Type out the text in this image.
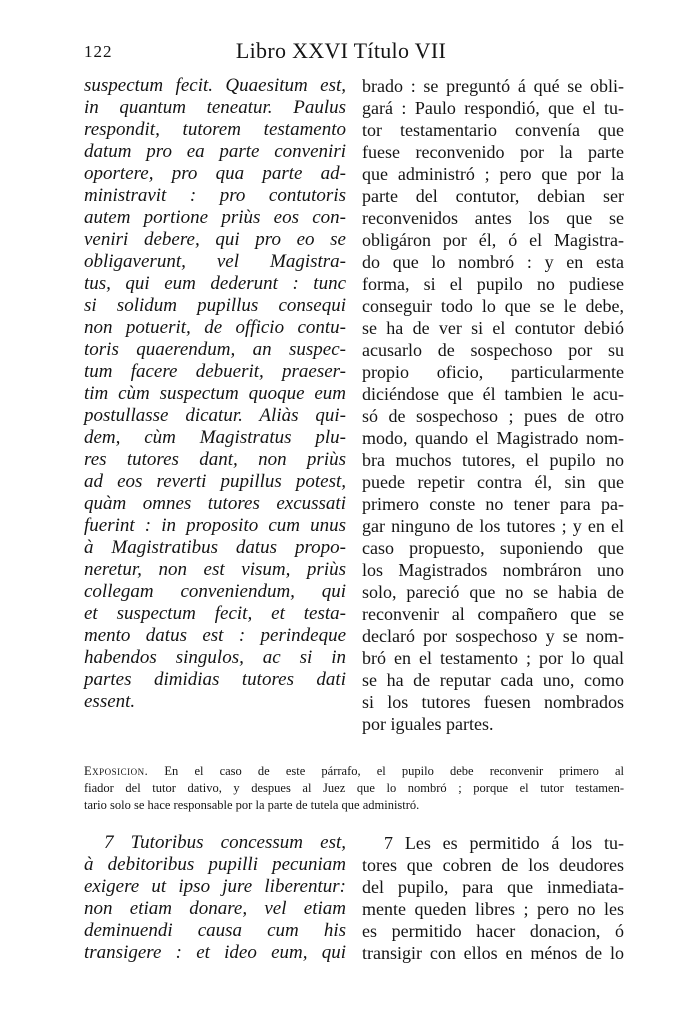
122	Libro XXVI Título VII
suspectum fecit. Quaesitum est,
in quantum teneatur. Paulus
respondit, tutorem testamento
datum pro ea parte conveniri
oportere, pro qua parte ad-
ministravit : pro contutoris
autem portione priùs eos con-
veniri debere, qui pro eo se
obligaverunt, vel Magistra-
tus, qui eum dederunt : tunc
si solidum pupillus consequi
non potuerit, de officio contu-
toris quaerendum, an suspec-
tum facere debuerit, praeser-
tim cùm suspectum quoque eum
postullasse dicatur. Aliàs qui-
dem, cùm Magistratus plu-
res tutores dant, non priùs
ad eos reverti pupillus potest,
quàm omnes tutores excussati
fuerint : in proposito cum unus
à Magistratibus datus propo-
neretur, non est visum, priùs
collegam conveniendum, qui
et suspectum fecit, et testa-
mento datus est : perindeque
habendos singulos, ac si in
partes dimidias tutores dati
essent.
brado : se preguntó á qué se obli-
gará : Paulo respondió, que el tu-
tor testamentario convenía que
fuese reconvenido por la parte
que administró ; pero que por la
parte del contutor, debian ser
reconvenidos antes los que se
obligáron por él, ó el Magistra-
do que lo nombró : y en esta
forma, si el pupilo no pudiese
conseguir todo lo que se le debe,
se ha de ver si el contutor debió
acusarlo de sospechoso por su
propio oficio, particularmente
diciéndose que él tambien le acu-
só de sospechoso ; pues de otro
modo, quando el Magistrado nom-
bra muchos tutores, el pupilo no
puede repetir contra él, sin que
primero conste no tener para pa-
gar ninguno de los tutores ; y en el
caso propuesto, suponiendo que
los Magistrados nombráron uno
solo, pareció que no se habia de
reconvenir al compañero que se
declaró por sospechoso y se nom-
bró en el testamento ; por lo qual
se ha de reputar cada uno, como
si los tutores fuesen nombrados
por iguales partes.
Exposicion. En el caso de este párrafo, el pupilo debe reconvenir primero al
fiador del tutor dativo, y despues al Juez que lo nombró ; porque el tutor testamen-
tario solo se hace responsable por la parte de tutela que administró.
7 Tutoribus concessum est,
à debitoribus pupilli pecuniam
exigere ut ipso jure liberentur:
non etiam donare, vel etiam
deminuendi causa cum his
transigere : et ideo eum, qui
7 Les es permitido á los tu-
tores que cobren de los deudores
del pupilo, para que inmediata-
mente queden libres ; pero no les
es permitido hacer donacion, ó
transigir con ellos en ménos de lo
